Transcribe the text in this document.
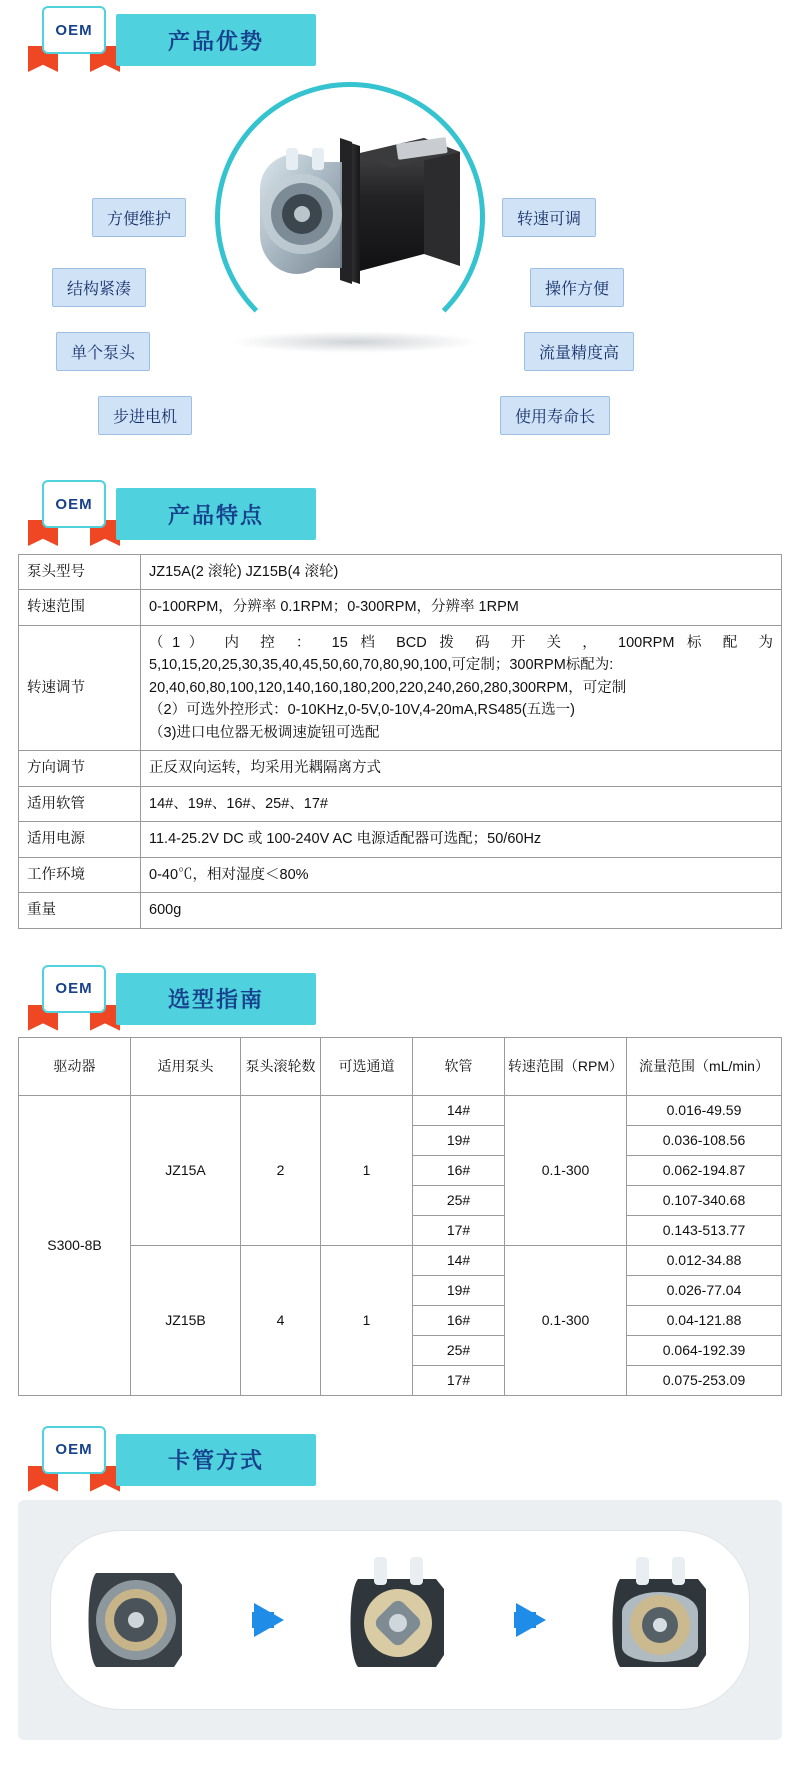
OEM	产品优势
方便维护
结构紧凑
单个泵头
步进电机
转速可调
操作方便
流量精度高
使用寿命长
OEM	产品特点
泵头型号	JZ15A(2 滚轮) JZ15B(4 滚轮)
转速范围	0-100RPM，分辨率 0.1RPM；0-300RPM，分辨率 1RPM
转速调节	（1） 内 控 ： 15 档 BCD 拨 码 开 关 ， 100RPM 标 配 为

5,10,15,20,25,30,35,40,45,50,60,70,80,90,100,可定制；300RPM标配为:

20,40,60,80,100,120,140,160,180,200,220,240,260,280,300RPM，可定制

（2）可选外控形式：0-10KHz,0-5V,0-10V,4-20mA,RS485(五选一)

（3)进口电位器无极调速旋钮可选配

方向调节	正反双向运转，均采用光耦隔离方式
适用软管	14#、19#、16#、25#、17#
适用电源	11.4-25.2V DC 或 100-240V AC 电源适配器可选配；50/60Hz
工作环境	0-40℃，相对湿度＜80%
重量	600g
OEM	选型指南
驱动器	适用泵头	泵头滚轮数	可选通道	软管	转速范围（RPM）	流量范围（mL/min）
S300-8B	JZ15A	2	1	14#	0.1-300	0.016-49.59
				19#		0.036-108.56
				16#		0.062-194.87
				25#		0.107-340.68
				17#		0.143-513.77
	JZ15B	4	1	14#	0.1-300	0.012-34.88
				19#		0.026-77.04
				16#		0.04-121.88
				25#		0.064-192.39
				17#		0.075-253.09
OEM	卡管方式
